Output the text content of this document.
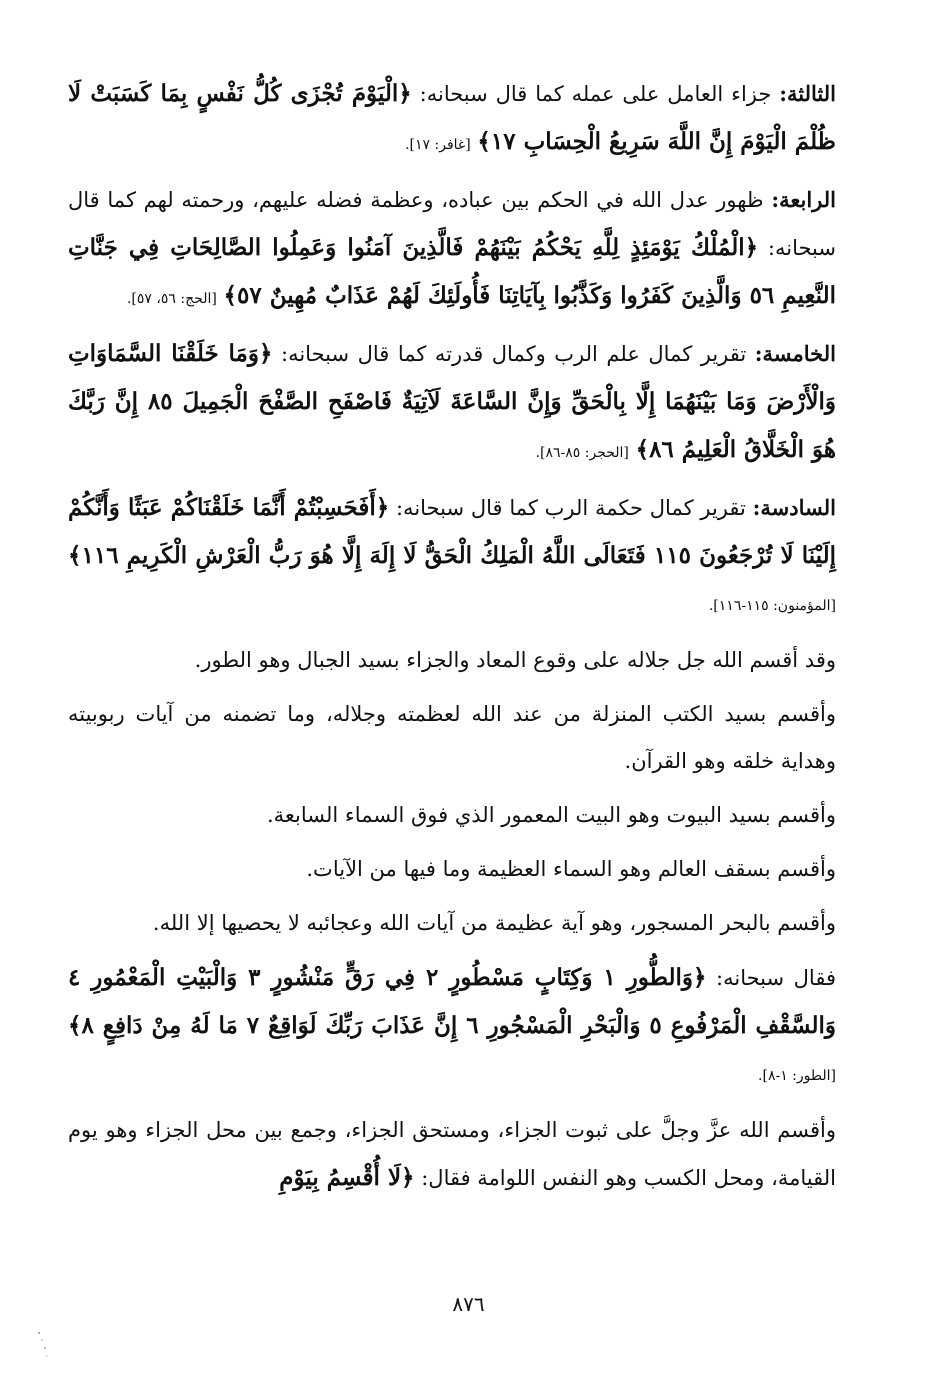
الثالثة: جزاء العامل على عمله كما قال سبحانه: ﴿الْيَوْمَ تُجْزَى كُلُّ نَفْسٍ بِمَا كَسَبَتْ لَا ظُلْمَ الْيَوْمَ إِنَّ اللَّهَ سَرِيعُ الْحِسَابِ ١٧﴾ [غافر: ١٧].

الرابعة: ظهور عدل الله في الحكم بين عباده، وعظمة فضله عليهم، ورحمته لهم كما قال سبحانه: ﴿الْمُلْكُ يَوْمَئِذٍ لِلَّهِ يَحْكُمُ بَيْنَهُمْ فَالَّذِينَ آمَنُوا وَعَمِلُوا الصَّالِحَاتِ فِي جَنَّاتِ النَّعِيمِ ٥٦ وَالَّذِينَ كَفَرُوا وَكَذَّبُوا بِآيَاتِنَا فَأُولَئِكَ لَهُمْ عَذَابٌ مُهِينٌ ٥٧﴾ [الحج: ٥٦، ٥٧].

الخامسة: تقرير كمال علم الرب وكمال قدرته كما قال سبحانه: ﴿وَمَا خَلَقْنَا السَّمَاوَاتِ وَالْأَرْضَ وَمَا بَيْنَهُمَا إِلَّا بِالْحَقِّ وَإِنَّ السَّاعَةَ لَآتِيَةٌ فَاصْفَحِ الصَّفْحَ الْجَمِيلَ ٨٥ إِنَّ رَبَّكَ هُوَ الْخَلَّاقُ الْعَلِيمُ ٨٦﴾ [الحجر: ٨٥-٨٦].

السادسة: تقرير كمال حكمة الرب كما قال سبحانه: ﴿أَفَحَسِبْتُمْ أَنَّمَا خَلَقْنَاكُمْ عَبَثًا وَأَنَّكُمْ إِلَيْنَا لَا تُرْجَعُونَ ١١٥ فَتَعَالَى اللَّهُ الْمَلِكُ الْحَقُّ لَا إِلَهَ إِلَّا هُوَ رَبُّ الْعَرْشِ الْكَرِيمِ ١١٦﴾ [المؤمنون: ١١٥-١١٦].

وقد أقسم الله جل جلاله على وقوع المعاد والجزاء بسيد الجبال وهو الطور.

وأقسم بسيد الكتب المنزلة من عند الله لعظمته وجلاله، وما تضمنه من آيات ربوبيته وهداية خلقه وهو القرآن.

وأقسم بسيد البيوت وهو البيت المعمور الذي فوق السماء السابعة.

وأقسم بسقف العالم وهو السماء العظيمة وما فيها من الآيات.

وأقسم بالبحر المسجور، وهو آية عظيمة من آيات الله وعجائبه لا يحصيها إلا الله.

فقال سبحانه: ﴿وَالطُّورِ ١ وَكِتَابٍ مَسْطُورٍ ٢ فِي رَقٍّ مَنْشُورٍ ٣ وَالْبَيْتِ الْمَعْمُورِ ٤ وَالسَّقْفِ الْمَرْفُوعِ ٥ وَالْبَحْرِ الْمَسْجُورِ ٦ إِنَّ عَذَابَ رَبِّكَ لَوَاقِعٌ ٧ مَا لَهُ مِنْ دَافِعٍ ٨﴾ [الطور: ١-٨].

وأقسم الله عزَّ وجلَّ على ثبوت الجزاء، ومستحق الجزاء، وجمع بين محل الجزاء وهو يوم القيامة، ومحل الكسب وهو النفس اللوامة فقال: ﴿لَا أُقْسِمُ بِيَوْمِ

٨٧٦
